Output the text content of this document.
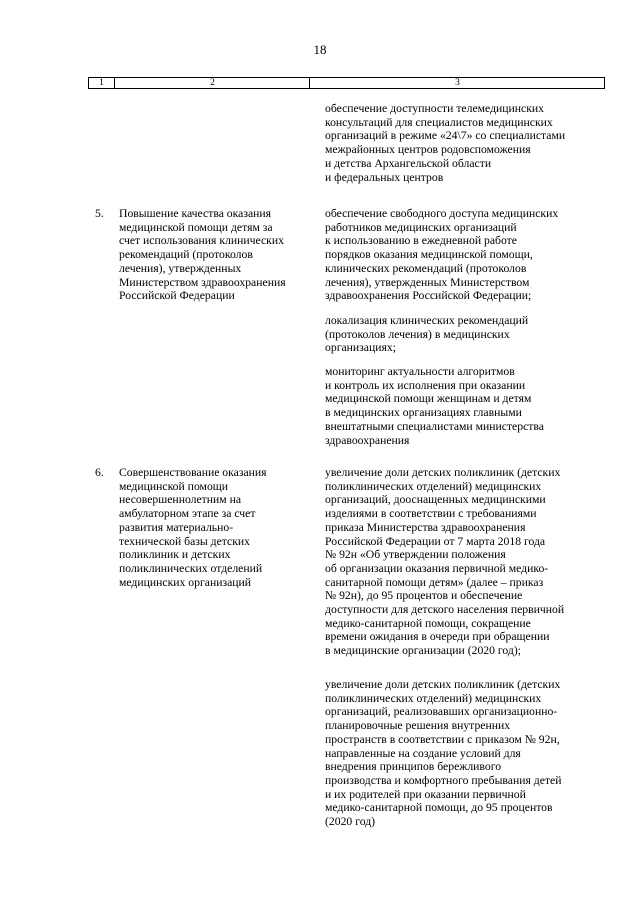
18
1	2	3
обеспечение доступности телемедицинских
консультаций для специалистов медицинских
организаций в режиме «24\7» со специалистами
межрайонных центров родовспоможения
и детства Архангельской области
и федеральных центров
5. Повышение качества оказания
медицинской помощи детям за
счет использования клинических
рекомендаций (протоколов
лечения), утвержденных
Министерством здравоохранения
Российской Федерации
обеспечение свободного доступа медицинских
работников медицинских организаций
к использованию в ежедневной работе
порядков оказания медицинской помощи,
клинических рекомендаций (протоколов
лечения), утвержденных Министерством
здравоохранения Российской Федерации;
локализация клинических рекомендаций
(протоколов лечения) в медицинских
организациях;
мониторинг актуальности алгоритмов
и контроль их исполнения при оказании
медицинской помощи женщинам и детям
в медицинских организациях главными
внештатными специалистами министерства
здравоохранения
6. Совершенствование оказания
медицинской помощи
несовершеннолетним на
амбулаторном этапе за счет
развития материально-
технической базы детских
поликлиник и детских
поликлинических отделений
медицинских организаций
увеличение доли детских поликлиник (детских
поликлинических отделений) медицинских
организаций, дооснащенных медицинскими
изделиями в соответствии с требованиями
приказа Министерства здравоохранения
Российской Федерации от 7 марта 2018 года
№ 92н «Об утверждении положения
об организации оказания первичной медико-
санитарной помощи детям» (далее – приказ
№ 92н), до 95 процентов и обеспечение
доступности для детского населения первичной
медико-санитарной помощи, сокращение
времени ожидания в очереди при обращении
в медицинские организации (2020 год);
увеличение доли детских поликлиник (детских
поликлинических отделений) медицинских
организаций, реализовавших организационно-
планировочные решения внутренних
пространств в соответствии с приказом № 92н,
направленные на создание условий для
внедрения принципов бережливого
производства и комфортного пребывания детей
и их родителей при оказании первичной
медико-санитарной помощи, до 95 процентов
(2020 год)
